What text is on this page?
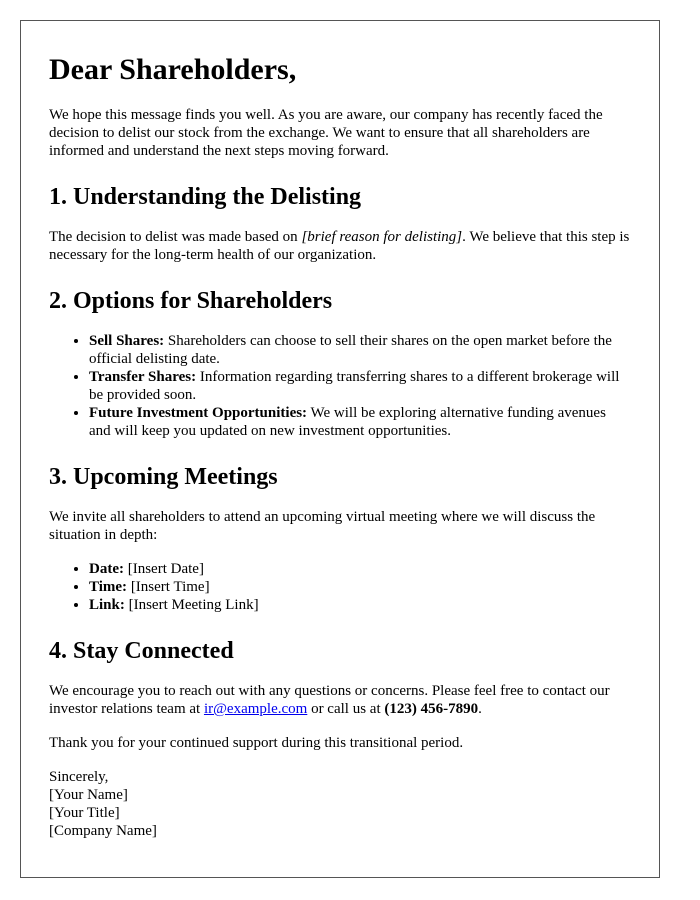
Dear Shareholders,

We hope this message finds you well. As you are aware, our company has recently faced the decision to delist our stock from the exchange. We want to ensure that all shareholders are informed and understand the next steps moving forward.

1. Understanding the Delisting

The decision to delist was made based on [brief reason for delisting]. We believe that this step is necessary for the long-term health of our organization.

2. Options for Shareholders
• Sell Shares: Shareholders can choose to sell their shares on the open market before the official delisting date.
• Transfer Shares: Information regarding transferring shares to a different brokerage will be provided soon.
• Future Investment Opportunities: We will be exploring alternative funding avenues and will keep you updated on new investment opportunities.
3. Upcoming Meetings

We invite all shareholders to attend an upcoming virtual meeting where we will discuss the situation in depth:

• Date: [Insert Date]
• Time: [Insert Time]
• Link: [Insert Meeting Link]
4. Stay Connected

We encourage you to reach out with any questions or concerns. Please feel free to contact our investor relations team at ir@example.com or call us at (123) 456-7890.

Thank you for your continued support during this transitional period.

Sincerely,

[Your Name]

[Your Title]

[Company Name]
